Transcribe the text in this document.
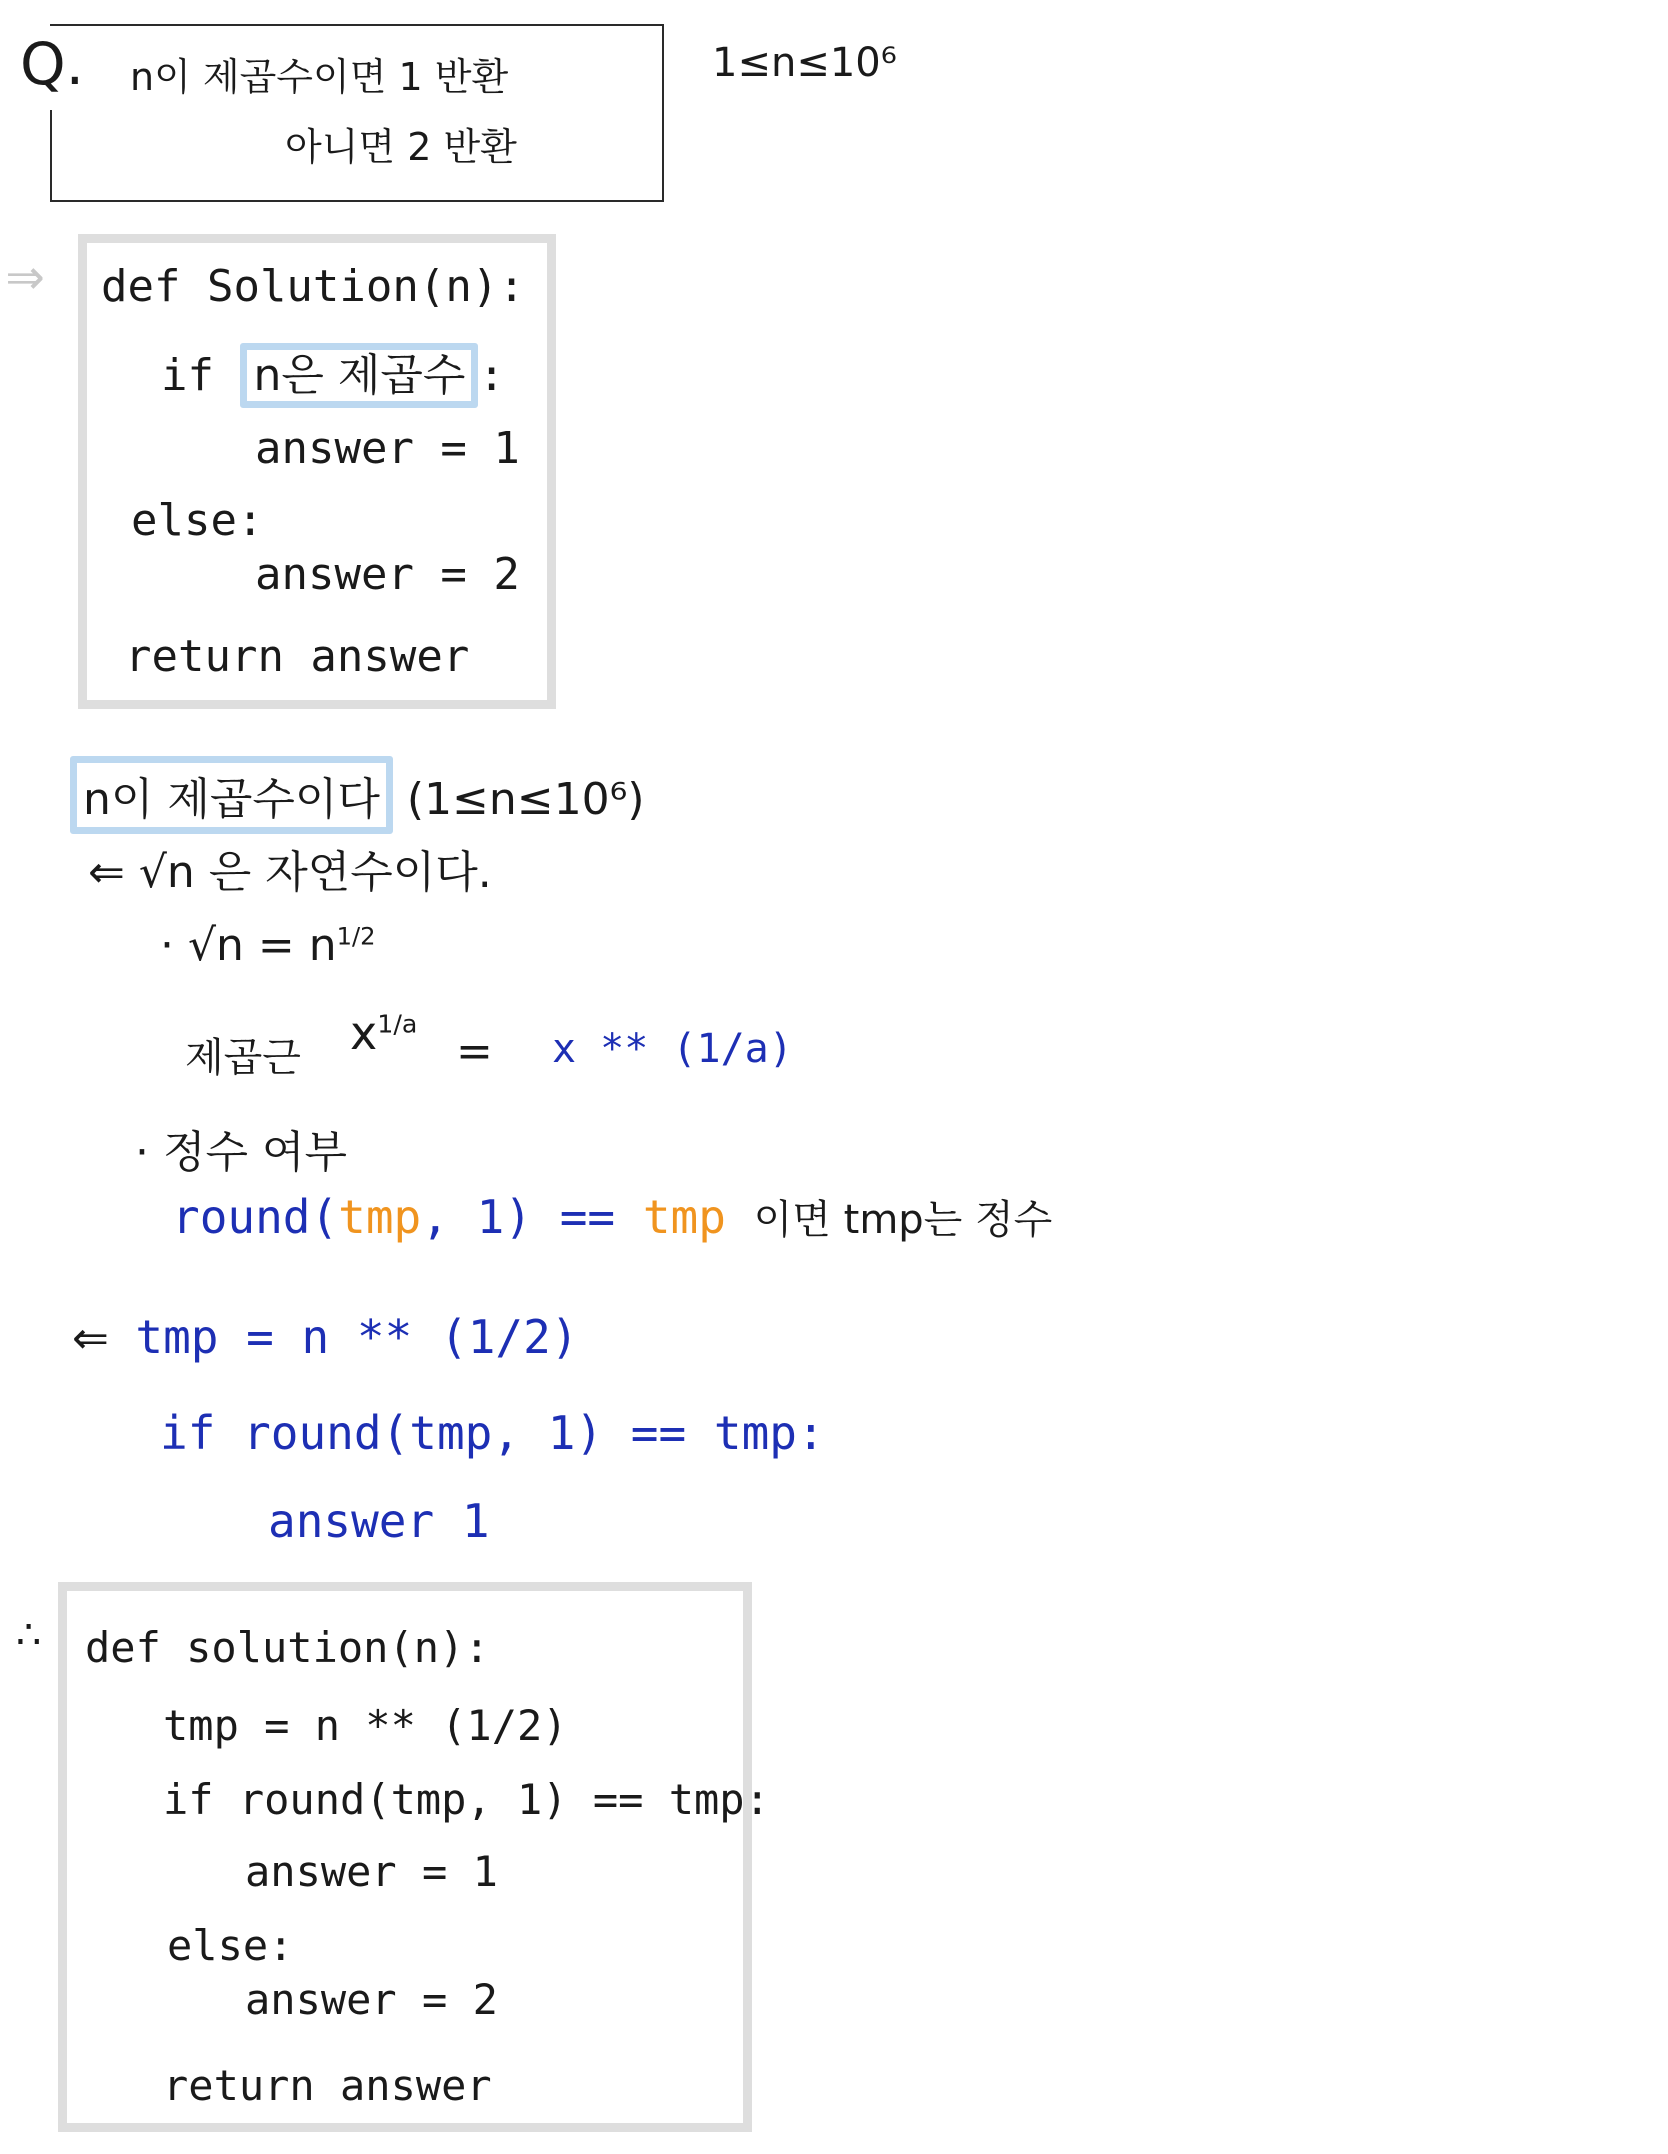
Q. n이 제곱수이면 1 반환
아니면 2 반환
1≤n≤10⁶
⇒ def Solution(n):
if n은 제곱수 :
answer = 1
else:
answer = 2
return answer
n이 제곱수이다 (1≤n≤10⁶)
⇐ √n 은 자연수이다.
· $√n = n^{1/2}$
제곱근 $x^{1/a}$
= x ** (1/a)
· 정수 여부
round(tmp, 1) == tmp 이면 tmp는 정수
⇐ tmp = n ** (1/2)
if round(tmp, 1) == tmp:
answer 1
∴ def solution(n):
tmp = n ** (1/2)
if round(tmp, 1) == tmp:
answer = 1
else:
answer = 2
return answer
